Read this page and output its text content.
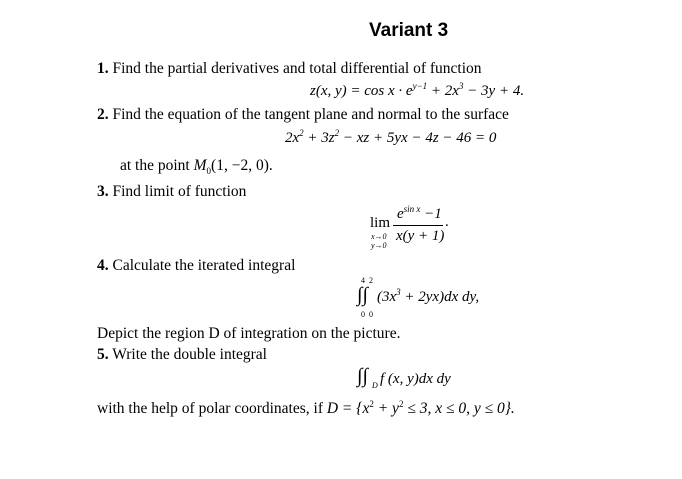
Variant 3
1. Find the partial derivatives and total differential of function
z(x, $y) = \cos x \cdot e^{y-1} + 2x^3 - 3y + 4$.
2. Find the equation of the tangent plane and normal to the surface
$2x^2 + 3z^2$ − xz + 5yx − 4z − 46 = 0
at the point $M_0(1$, −2, 0).
3. Find limit of function
lim
x→0
y→0
$e^{sin x} -1$
x(y + 1)
.
4. Calculate the iterated integral
4 2
∫∫
0 0
$(3x^3 + 2yx)dx$ dy,
Depict the region D of integration on the picture.
5. Write the double integral
∫∫ D f (x, y)dx dy
with the help of polar coordinates, if $D = \{x^2 + y^2 \le 3$, x ≤ 0, y ≤ 0}.
